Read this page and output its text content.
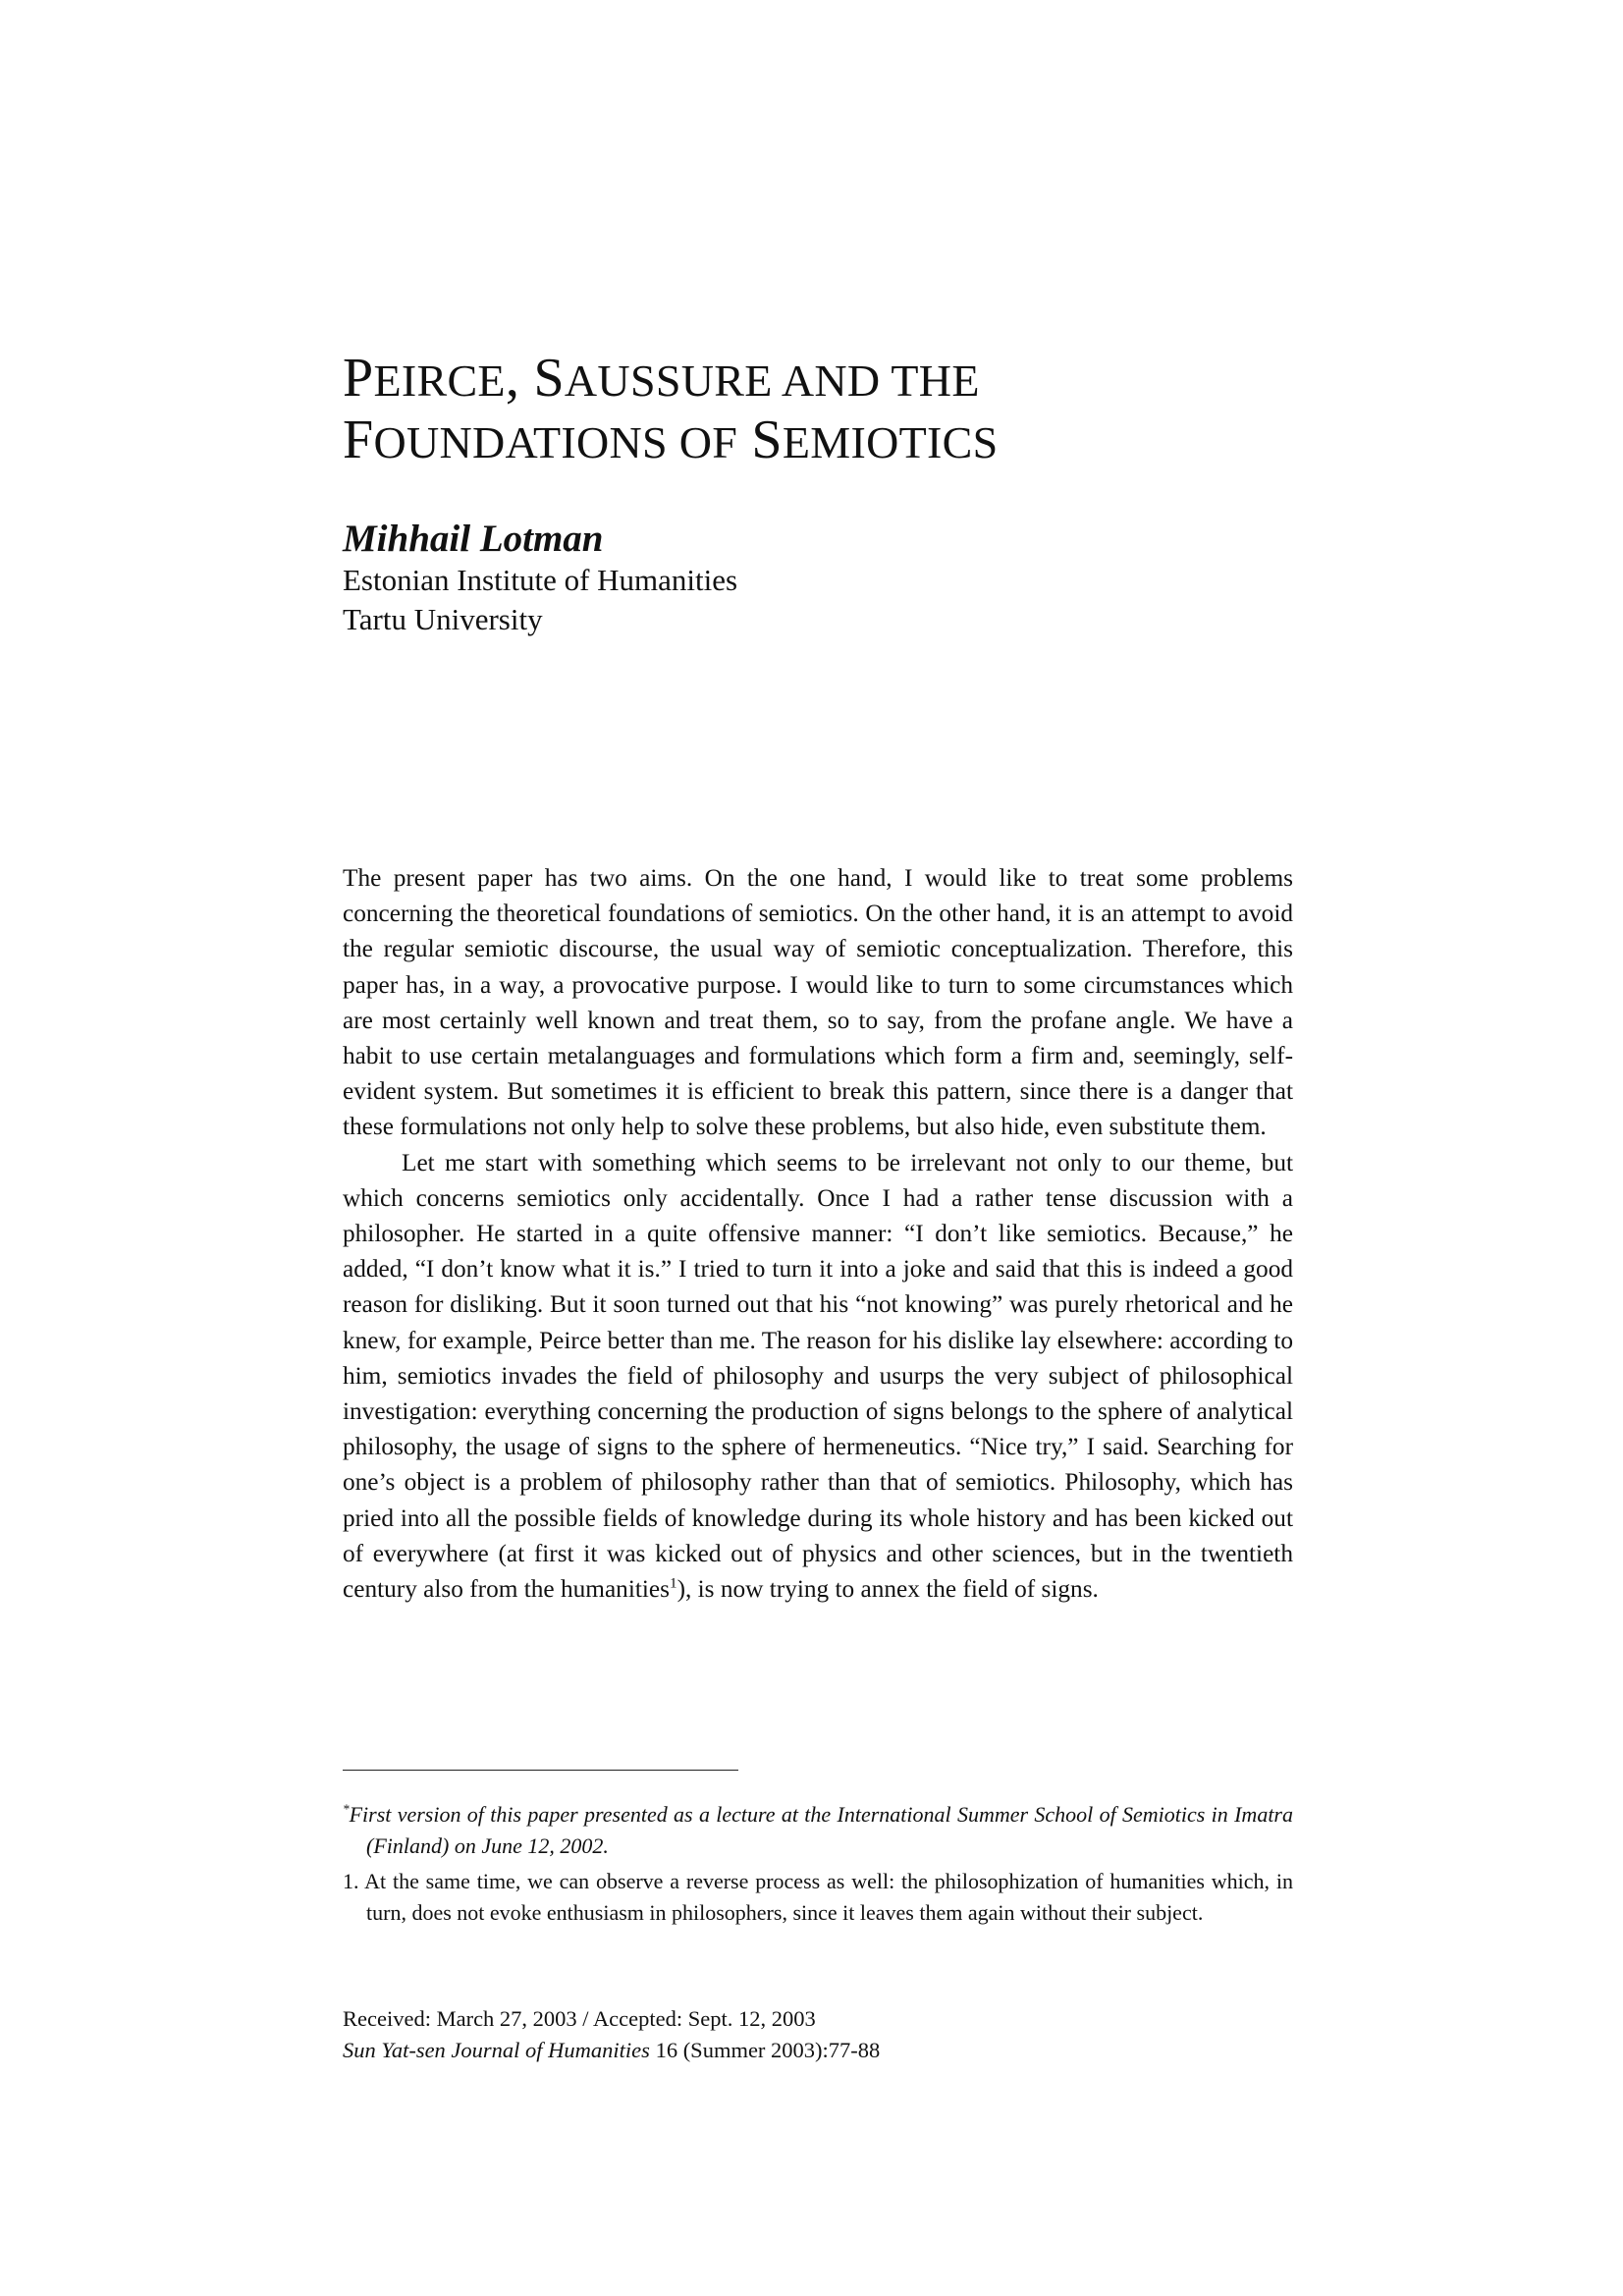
PEIRCE, SAUSSURE AND THE
FOUNDATIONS OF SEMIOTICS
Mihhail Lotman
Estonian Institute of Humanities
Tartu University

The present paper has two aims. On the one hand, I would like to treat some problems concerning the theoretical foundations of semiotics. On the other hand, it is an attempt to avoid the regular semiotic discourse, the usual way of semiotic conceptualization. Therefore, this paper has, in a way, a provocative purpose. I would like to turn to some circumstances which are most certainly well known and treat them, so to say, from the profane angle. We have a habit to use certain metalanguages and formulations which form a firm and, seemingly, self-evident system. But sometimes it is efficient to break this pattern, since there is a danger that these formulations not only help to solve these problems, but also hide, even substitute them.

Let me start with something which seems to be irrelevant not only to our theme, but which concerns semiotics only accidentally. Once I had a rather tense discussion with a philosopher. He started in a quite offensive manner: “I don’t like semiotics. Because,” he added, “I don’t know what it is.” I tried to turn it into a joke and said that this is indeed a good reason for disliking. But it soon turned out that his “not knowing” was purely rhetorical and he knew, for example, Peirce better than me. The reason for his dislike lay elsewhere: according to him, semiotics invades the field of philosophy and usurps the very subject of philosophical investigation: everything concerning the production of signs belongs to the sphere of analytical philosophy, the usage of signs to the sphere of hermeneutics. “Nice try,” I said. Searching for one’s object is a problem of philosophy rather than that of semiotics. Philosophy, which has pried into all the possible fields of knowledge during its whole history and has been kicked out of everywhere (at first it was kicked out of physics and other sciences, but in the twentieth century also from the humanities$^1$), is now trying to annex the field of signs.

*First version of this paper presented as a lecture at the International Summer School of Semiotics in Imatra (Finland) on June 12, 2002.

1. At the same time, we can observe a reverse process as well: the philosophization of humanities which, in turn, does not evoke enthusiasm in philosophers, since it leaves them again without their subject.

Received: March 27, 2003 / Accepted: Sept. 12, 2003
Sun Yat-sen Journal of Humanities 16 (Summer 2003):77-88
